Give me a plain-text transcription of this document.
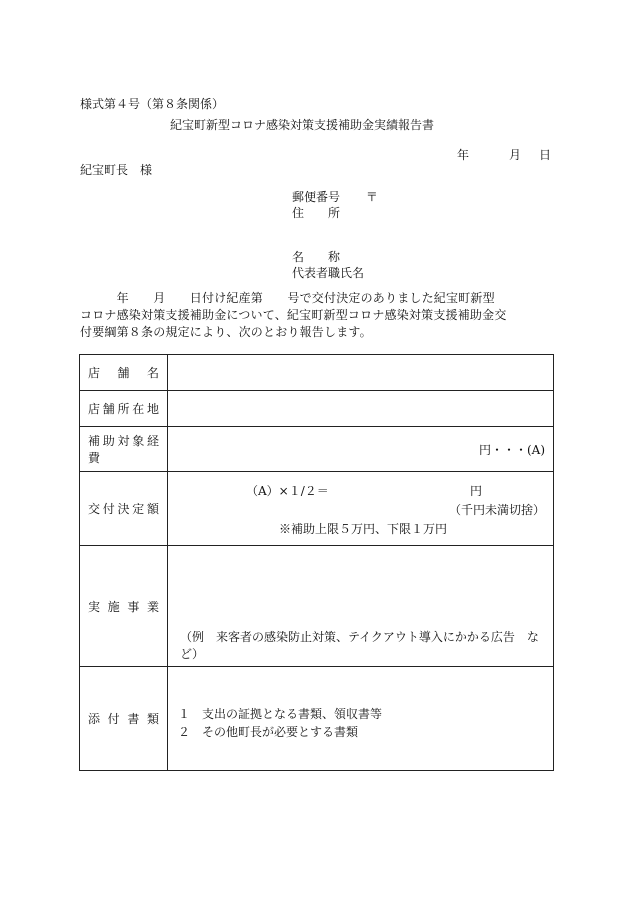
様式第４号（第８条関係）
紀宝町新型コロナ感染対策支援補助金実績報告書
年	月 日
紀宝町長　様
郵便番号 〒
住　　所
名　　称
代表者職氏名
　　　年　　月　　日付け紀産第　　号で交付決定のありました紀宝町新型
コロナ感染対策支援補助金について、紀宝町新型コロナ感染対策支援補助金交
付要綱第８条の規定により、次のとおり報告します。
店舗名	
店舗所在地	
補助対象経費	円・・・(A)

交付決定額	（A）×１/２＝ 円
（千円未満切捨）
※補助上限５万円、下限１万円

実施事業	（例　来客者の感染防止対策、テイクアウト導入にかかる広告　など）

添付書類	１　支出の証拠となる書類、領収書等
２　その他町長が必要とする書類
